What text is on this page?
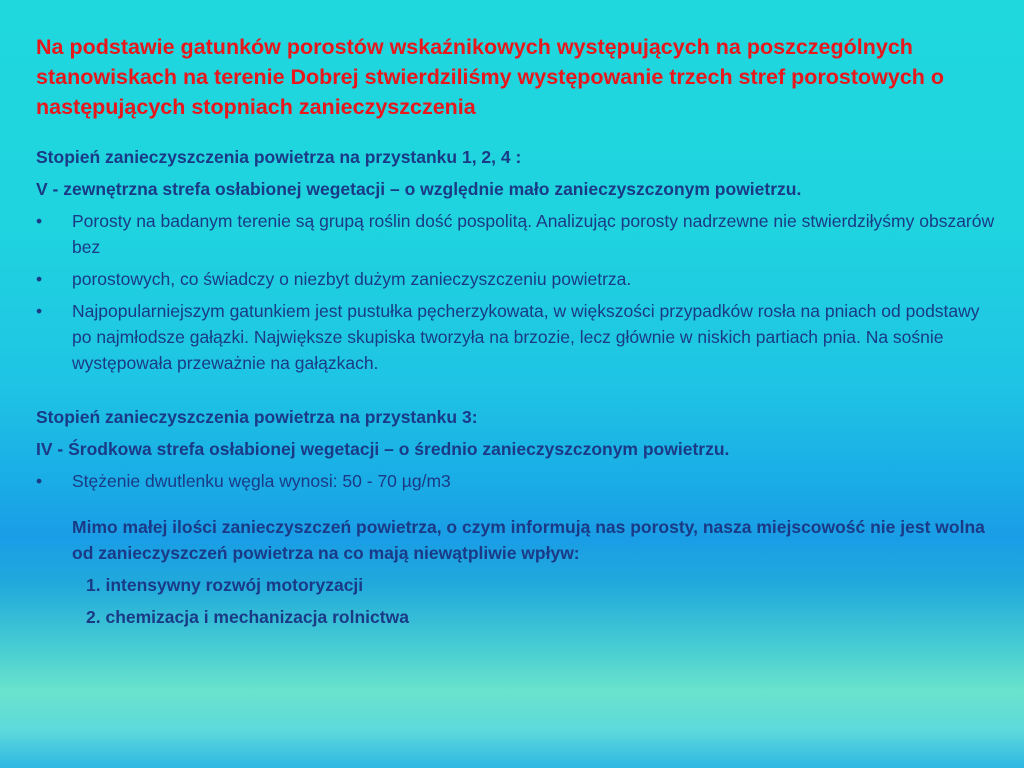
Na podstawie gatunków porostów wskaźnikowych występujących na poszczególnych stanowiskach na terenie Dobrej stwierdziliśmy występowanie trzech stref porostowych o następujących stopniach zanieczyszczenia
Stopień zanieczyszczenia powietrza na przystanku 1, 2, 4 :
V - zewnętrzna strefa osłabionej wegetacji – o względnie mało zanieczyszczonym powietrzu.
• Porosty na badanym terenie są grupą roślin dość pospolitą. Analizując porosty nadrzewne nie stwierdziłyśmy obszarów bez
• porostowych, co świadczy o niezbyt dużym zanieczyszczeniu powietrza.
• Najpopularniejszym gatunkiem jest pustułka pęcherzykowata, w większości przypadków rosła na pniach od podstawy po najmłodsze gałązki. Największe skupiska tworzyła na brzozie, lecz głównie w niskich partiach pnia. Na sośnie występowała przeważnie na gałązkach.
Stopień zanieczyszczenia powietrza na przystanku 3:
IV - Środkowa strefa osłabionej wegetacji – o średnio zanieczyszczonym powietrzu.
• Stężenie dwutlenku węgla wynosi: 50 - 70 µg/m3
Mimo małej ilości zanieczyszczeń powietrza, o czym informują nas porosty, nasza miejscowość nie jest wolna od zanieczyszczeń powietrza na co mają niewątpliwie wpływ:
1. intensywny rozwój motoryzacji
2. chemizacja i mechanizacja rolnictwa
